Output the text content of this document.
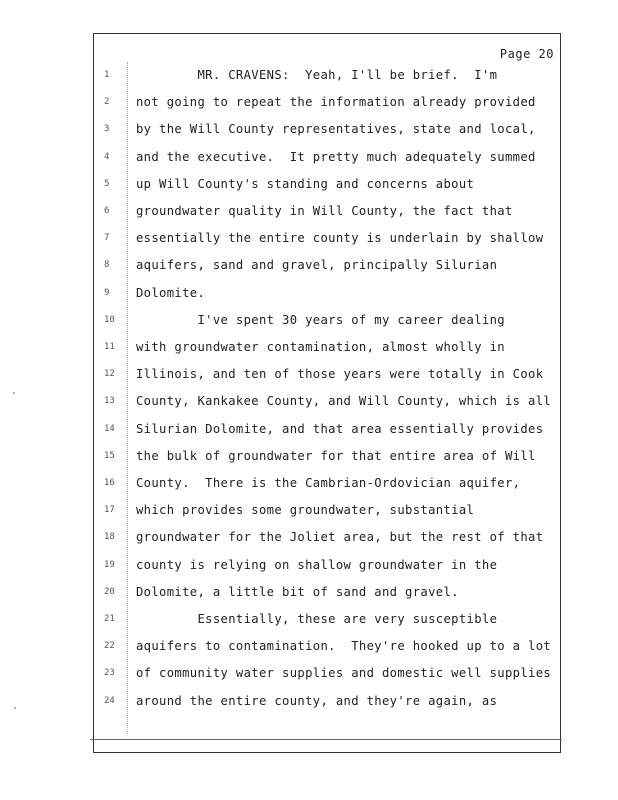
Page 20
1	MR. CRAVENS:  Yeah, I'll be brief.  I'm
2	not going to repeat the information already provided
3	by the Will County representatives, state and local,
4	and the executive.  It pretty much adequately summed
5	up Will County's standing and concerns about
6	groundwater quality in Will County, the fact that
7	essentially the entire county is underlain by shallow
8	aquifers, sand and gravel, principally Silurian
9	Dolomite.
10	I've spent 30 years of my career dealing
11	with groundwater contamination, almost wholly in
12	Illinois, and ten of those years were totally in Cook
13	County, Kankakee County, and Will County, which is all
14	Silurian Dolomite, and that area essentially provides
15	the bulk of groundwater for that entire area of Will
16	County.  There is the Cambrian-Ordovician aquifer,
17	which provides some groundwater, substantial
18	groundwater for the Joliet area, but the rest of that
19	county is relying on shallow groundwater in the
20	Dolomite, a little bit of sand and gravel.
21	Essentially, these are very susceptible
22	aquifers to contamination.  They're hooked up to a lot
23	of community water supplies and domestic well supplies
24	around the entire county, and they're again, as
